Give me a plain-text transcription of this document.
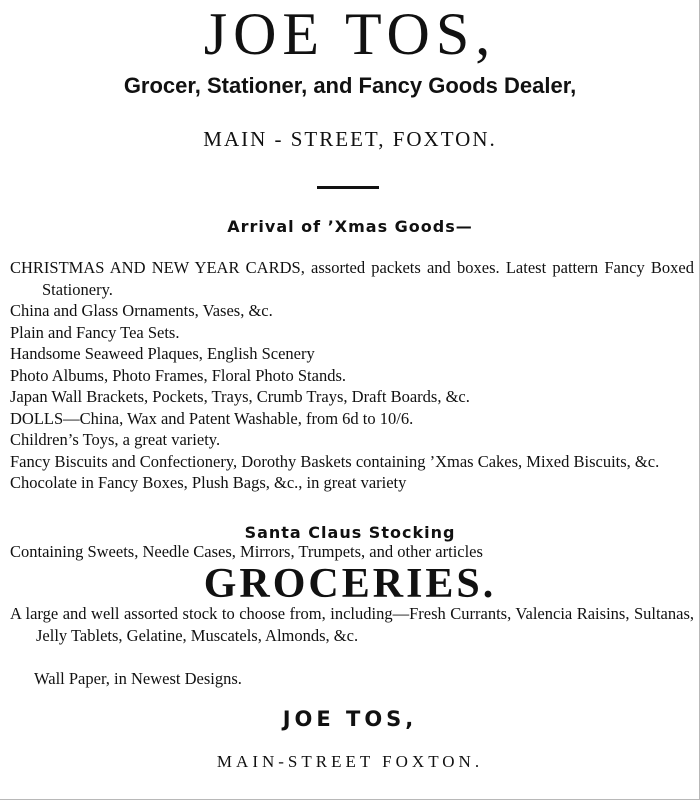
JOE TOS,

Grocer, Stationer, and Fancy Goods Dealer,

MAIN - STREET, FOXTON.

Arrival of ’Xmas Goods—

CHRISTMAS AND NEW YEAR CARDS, assorted packets and boxes. Latest pattern Fancy Boxed Stationery.
China and Glass Ornaments, Vases, &c.
Plain and Fancy Tea Sets.
Handsome Seaweed Plaques, English Scenery
Photo Albums, Photo Frames, Floral Photo Stands.
Japan Wall Brackets, Pockets, Trays, Crumb Trays, Draft Boards, &c.
DOLLS—China, Wax and Patent Washable, from 6d to 10/6.
Children’s Toys, a great variety.
Fancy Biscuits and Confectionery, Dorothy Baskets containing ’Xmas Cakes, Mixed Biscuits, &c.
Chocolate in Fancy Boxes, Plush Bags, &c., in great variety

Santa Claus Stocking

Containing Sweets, Needle Cases, Mirrors, Trumpets, and other articles

GROCERIES.

A large and well assorted stock to choose from, including—Fresh Currants, Valencia Raisins, Sultanas, Jelly Tablets, Gelatine, Muscatels, Almonds, &c.

Wall Paper, in Newest Designs.

JOE TOS,

MAIN-STREET FOXTON.
